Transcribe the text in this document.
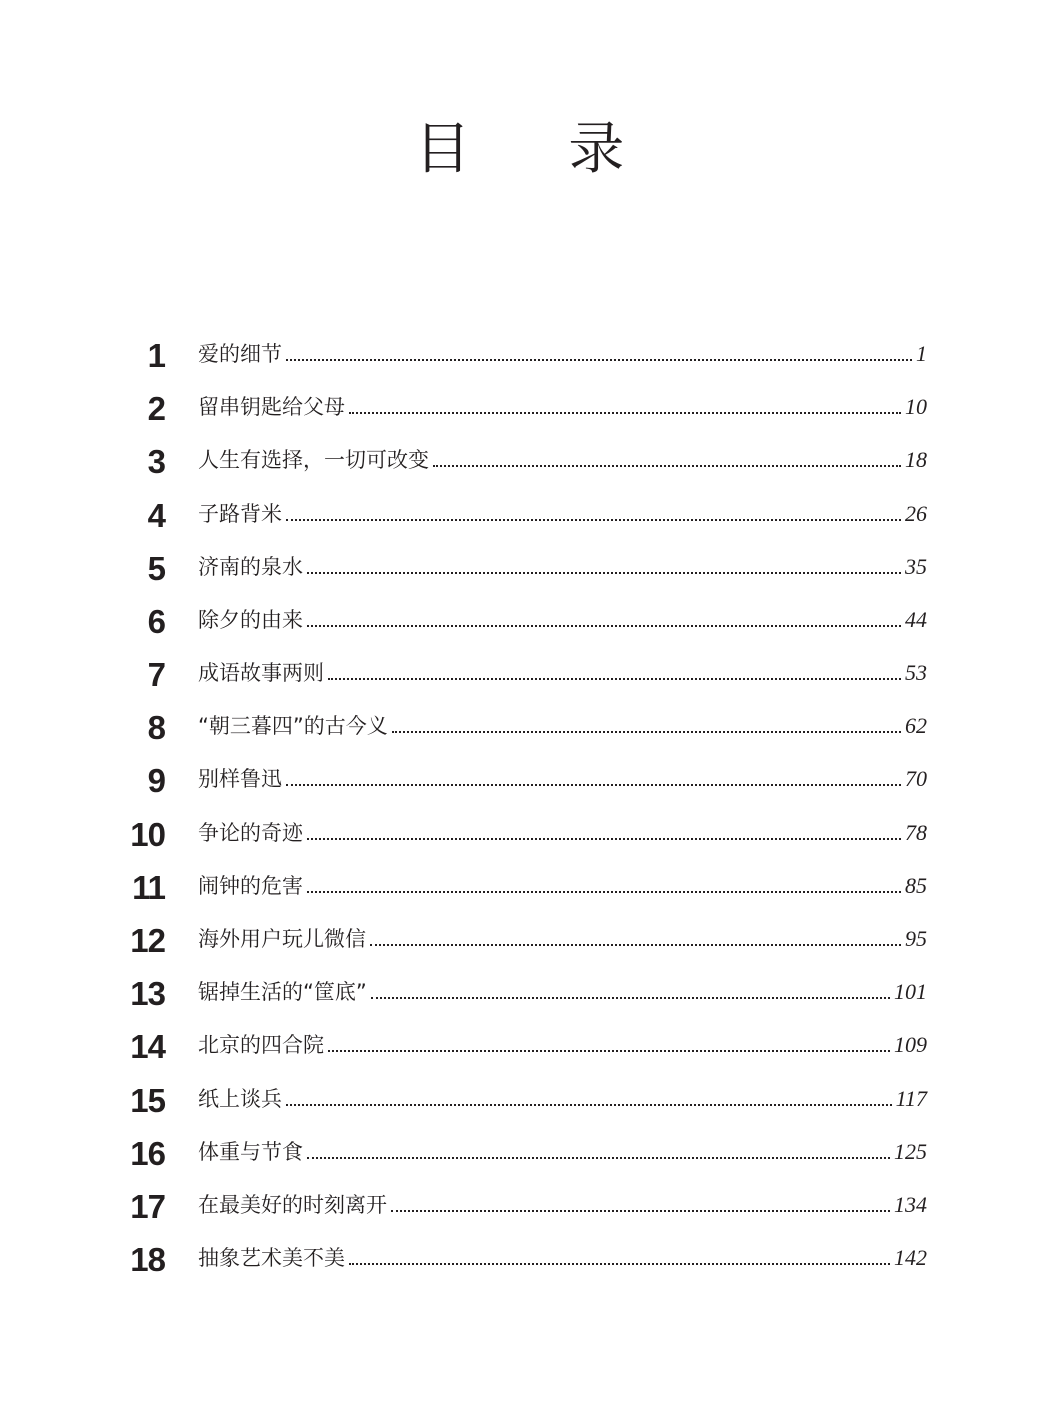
目 录
1 爱的细节	1
2 留串钥匙给父母	10
3 人生有选择，一切可改变	18
4 子路背米	26
5 济南的泉水	35
6 除夕的由来	44
7 成语故事两则	53
8 “朝三暮四”的古今义	62
9 别样鲁迅	70
10 争论的奇迹	78
11 闹钟的危害	85
12 海外用户玩儿微信	95
13 锯掉生活的“筐底”	101
14 北京的四合院	109
15 纸上谈兵	117
16 体重与节食	125
17 在最美好的时刻离开	134
18 抽象艺术美不美	142
